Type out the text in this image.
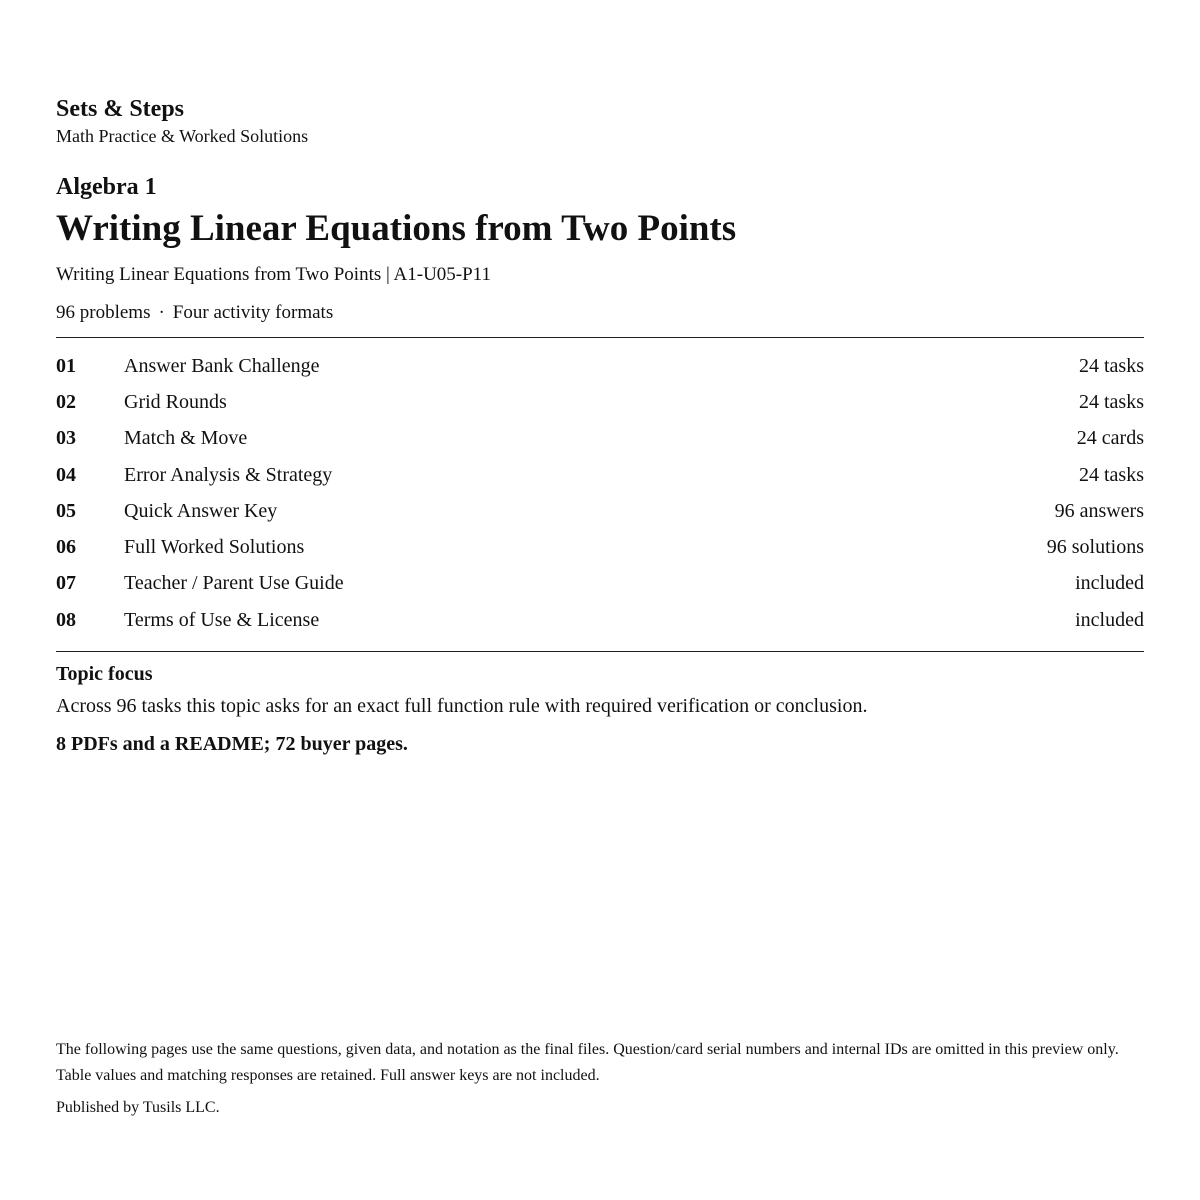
Sets & Steps
Math Practice & Worked Solutions
Algebra 1
Writing Linear Equations from Two Points
Writing Linear Equations from Two Points | A1-U05-P11
96 problems · Four activity formats
01	Answer Bank Challenge	24 tasks
02	Grid Rounds	24 tasks
03	Match & Move	24 cards
04	Error Analysis & Strategy	24 tasks
05	Quick Answer Key	96 answers
06	Full Worked Solutions	96 solutions
07	Teacher / Parent Use Guide	included
08	Terms of Use & License	included
Topic focus
Across 96 tasks this topic asks for an exact full function rule with required verification or conclusion.
8 PDFs and a README; 72 buyer pages.

The following pages use the same questions, given data, and notation as the final files. Question/card serial numbers and internal IDs are omitted in this preview only. Table values and matching responses are retained. Full answer keys are not included.

Published by Tusils LLC.
